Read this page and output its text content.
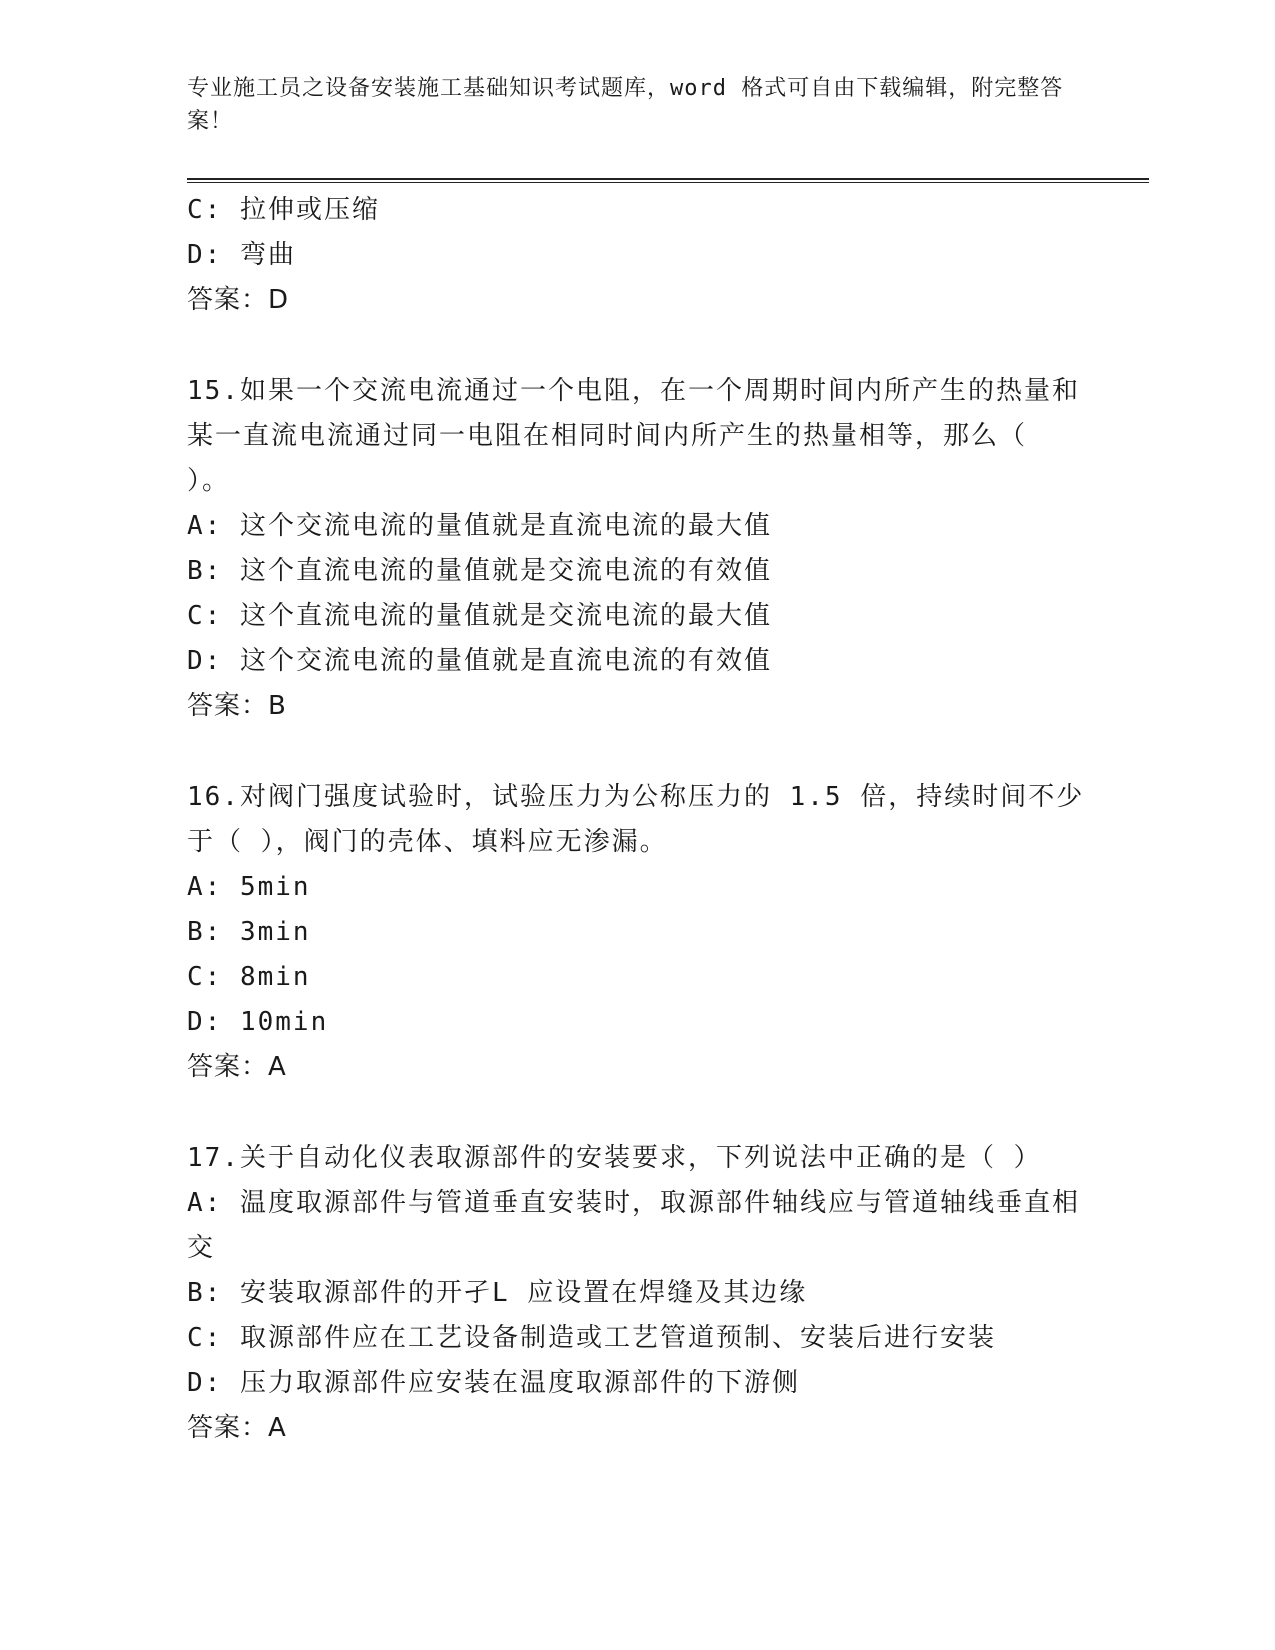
专业施工员之设备安装施工基础知识考试题库，word 格式可自由下载编辑，附完整答案！
C: 拉伸或压缩
D: 弯曲
答案：D
15.如果一个交流电流通过一个电阻，在一个周期时间内所产生的热量和某一直流电流通过同一电阻在相同时间内所产生的热量相等，那么（ ）。
A: 这个交流电流的量值就是直流电流的最大值
B: 这个直流电流的量值就是交流电流的有效值
C: 这个直流电流的量值就是交流电流的最大值
D: 这个交流电流的量值就是直流电流的有效值
答案：B
16.对阀门强度试验时，试验压力为公称压力的 1.5 倍，持续时间不少于（ ），阀门的壳体、填料应无渗漏。
A: 5min
B: 3min
C: 8min
D: 10min
答案：A
17.关于自动化仪表取源部件的安装要求，下列说法中正确的是（ ）
A: 温度取源部件与管道垂直安装时，取源部件轴线应与管道轴线垂直相交
B: 安装取源部件的开孑L 应设置在焊缝及其边缘
C: 取源部件应在工艺设备制造或工艺管道预制、安装后进行安装
D: 压力取源部件应安装在温度取源部件的下游侧
答案：A
